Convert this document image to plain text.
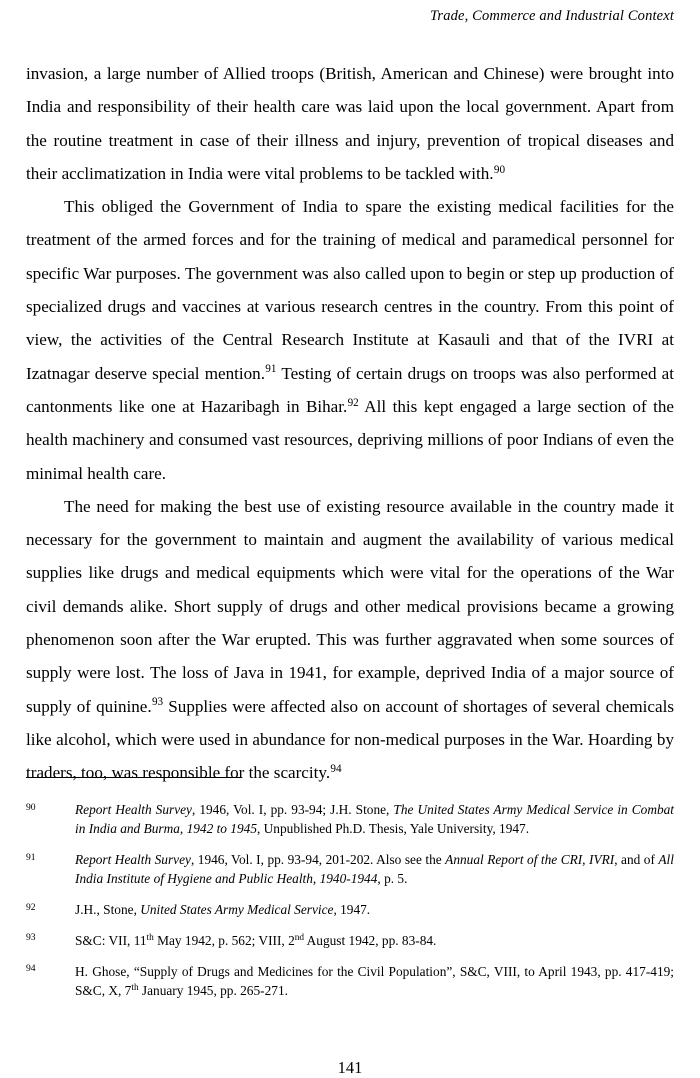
Trade, Commerce and Industrial Context

invasion, a large number of Allied troops (British, American and Chinese) were brought into India and responsibility of their health care was laid upon the local government. Apart from the routine treatment in case of their illness and injury, prevention of tropical diseases and their acclimatization in India were vital problems to be tackled with.$^{90}$

This obliged the Government of India to spare the existing medical facilities for the treatment of the armed forces and for the training of medical and paramedical personnel for specific War purposes. The government was also called upon to begin or step up production of specialized drugs and vaccines at various research centres in the country. From this point of view, the activities of the Central Research Institute at Kasauli and that of the IVRI at Izatnagar deserve special mention.$^{91}$ Testing of certain drugs on troops was also performed at cantonments like one at Hazaribagh in Bihar.$^{92}$ All this kept engaged a large section of the health machinery and consumed vast resources, depriving millions of poor Indians of even the minimal health care.

The need for making the best use of existing resource available in the country made it necessary for the government to maintain and augment the availability of various medical supplies like drugs and medical equipments which were vital for the operations of the War civil demands alike. Short supply of drugs and other medical provisions became a growing phenomenon soon after the War erupted. This was further aggravated when some sources of supply were lost. The loss of Java in 1941, for example, deprived India of a major source of supply of quinine.$^{93}$ Supplies were affected also on account of shortages of several chemicals like alcohol, which were used in abundance for non-medical purposes in the War. Hoarding by traders, too, was responsible for the scarcity.$^{94}$

90	Report Health Survey, 1946, Vol. I, pp. 93-94; J.H. Stone, The United States Army Medical Service in Combat in India and Burma, 1942 to 1945, Unpublished Ph.D. Thesis, Yale University, 1947.
91	Report Health Survey, 1946, Vol. I, pp. 93-94, 201-202. Also see the Annual Report of the CRI, IVRI, and of All India Institute of Hygiene and Public Health, 1940-1944, p. 5.
92	J.H., Stone, United States Army Medical Service, 1947.
93	S&C: VII, 11th May 1942, p. 562; VIII, 2nd August 1942, pp. 83-84.
94	H. Ghose, “Supply of Drugs and Medicines for the Civil Population”, S&C, VIII, to April 1943, pp. 417-419; S&C, X, 7th January 1945, pp. 265-271.
141
